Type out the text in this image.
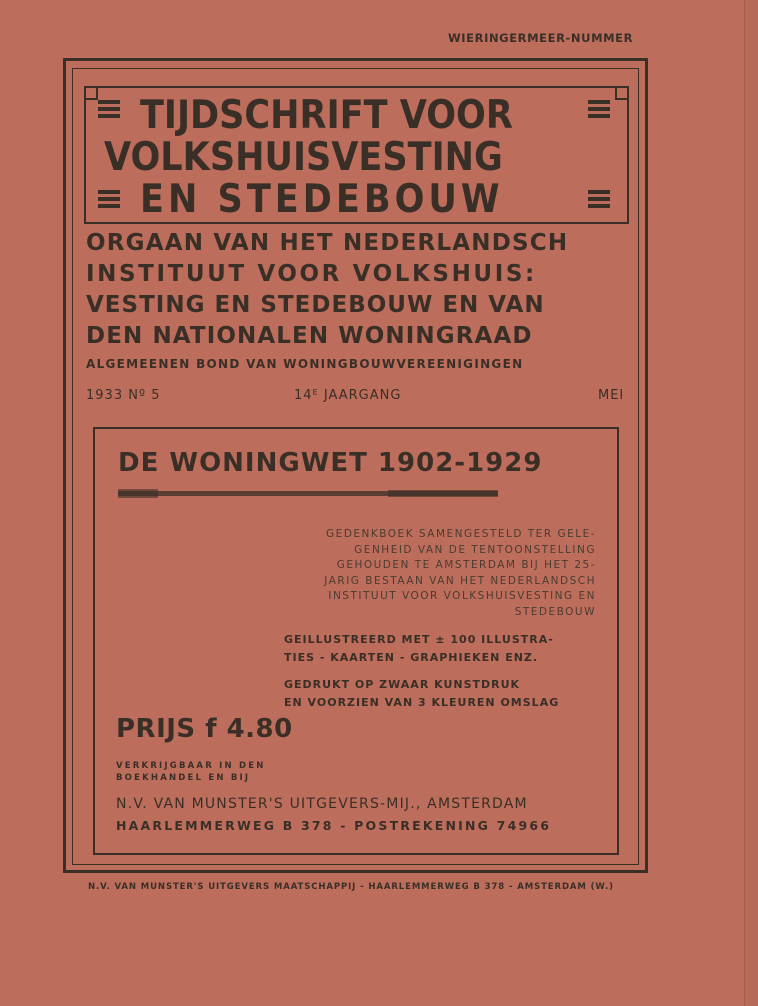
WIERINGERMEER-NUMMER
TIJDSCHRIFT VOOR
VOLKSHUISVESTING
EN STEDEBOUW
ORGAAN VAN HET NEDERLANDSCH
INSTITUUT VOOR VOLKSHUIS:
VESTING EN STEDEBOUW EN VAN
DEN NATIONALEN WONINGRAAD
ALGEMEENEN BOND VAN WONINGBOUWVEREENIGINGEN
1933 Nº 5	14ᴱ JAARGANG	MEI
DE WONINGWET 1902-1929
GEDENKBOEK SAMENGESTELD TER GELE-
GENHEID VAN DE TENTOONSTELLING
GEHOUDEN TE AMSTERDAM BIJ HET 25-
JARIG BESTAAN VAN HET NEDERLANDSCH
INSTITUUT VOOR VOLKSHUISVESTING EN
STEDEBOUW
GEILLUSTREERD MET ± 100 ILLUSTRA-
TIES - KAARTEN - GRAPHIEKEN ENZ.
GEDRUKT OP ZWAAR KUNSTDRUK
EN VOORZIEN VAN 3 KLEUREN OMSLAG
PRIJS f 4.80
VERKRIJGBAAR IN DEN
BOEKHANDEL EN BIJ
N.V. VAN MUNSTER'S UITGEVERS-MIJ., AMSTERDAM
HAARLEMMERWEG B 378 - POSTREKENING 74966
N.V. VAN MUNSTER'S UITGEVERS MAATSCHAPPIJ - HAARLEMMERWEG B 378 - AMSTERDAM (W.)
